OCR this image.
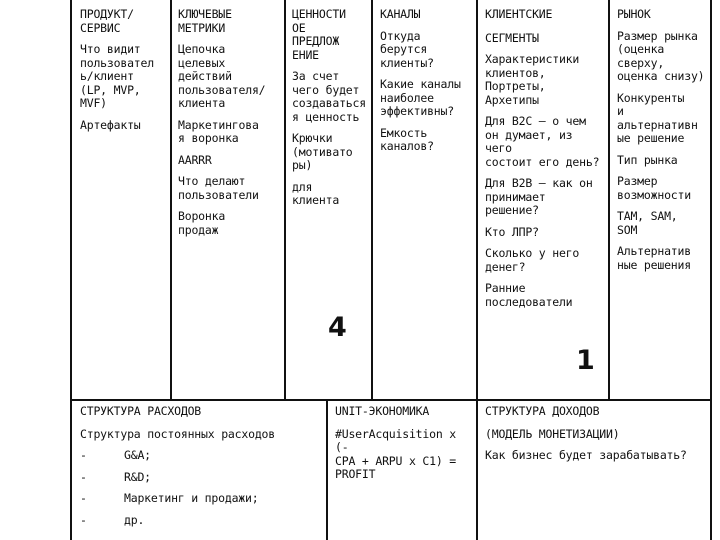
ПРОДУКТ/
СЕРВИС
Что видит
пользовател
ь/клиент
(LP, MVP,
MVF)
Артефакты
КЛЮЧЕВЫЕ
МЕТРИКИ
Цепочка
целевых
действий
пользователя/
клиента
Маркетингова
я воронка
AARRR
Что делают
пользователи
Воронка
продаж
ЦЕННОСТИ
OE
ПРЕДЛОЖ
ЕНИЕ
За счет
чего будет
создаваться
я ценность
Крючки
(мотивато
ры)
для
клиента
4
КАНАЛЫ
Откуда
берутся
клиенты?
Какие каналы
наиболее
эффективны?
Емкость
каналов?
КЛИЕНТСКИЕ
СЕГМЕНТЫ
Характеристики
клиентов,
Портреты,
Архетипы
Для B2C — о чем
он думает, из чего
состоит его день?
Для B2B — как он
принимает
решение?
Кто ЛПР?
Сколько у него
денег?
Ранние
последователи
1
РЫНОК
Размер рынка
(оценка
сверху,
оценка снизу)
Конкуренты
и
альтернативн
ые решение
Тип рынка
Размер
возможности
TAM, SAM,
SOM
Альтернатив
ные решения
СТРУКТУРА РАСХОДОВ
Структура постоянных расходов
-	G&A;
-	R&D;
-	Маркетинг и продажи;
-	др.
UNIT-ЭКОНОМИКА
#UserAcquisition x (-
CPA + ARPU x C1) =
PROFIT
СТРУКТУРА ДОХОДОВ
(МОДЕЛЬ МОНЕТИЗАЦИИ)
Как бизнес будет зарабатывать?
